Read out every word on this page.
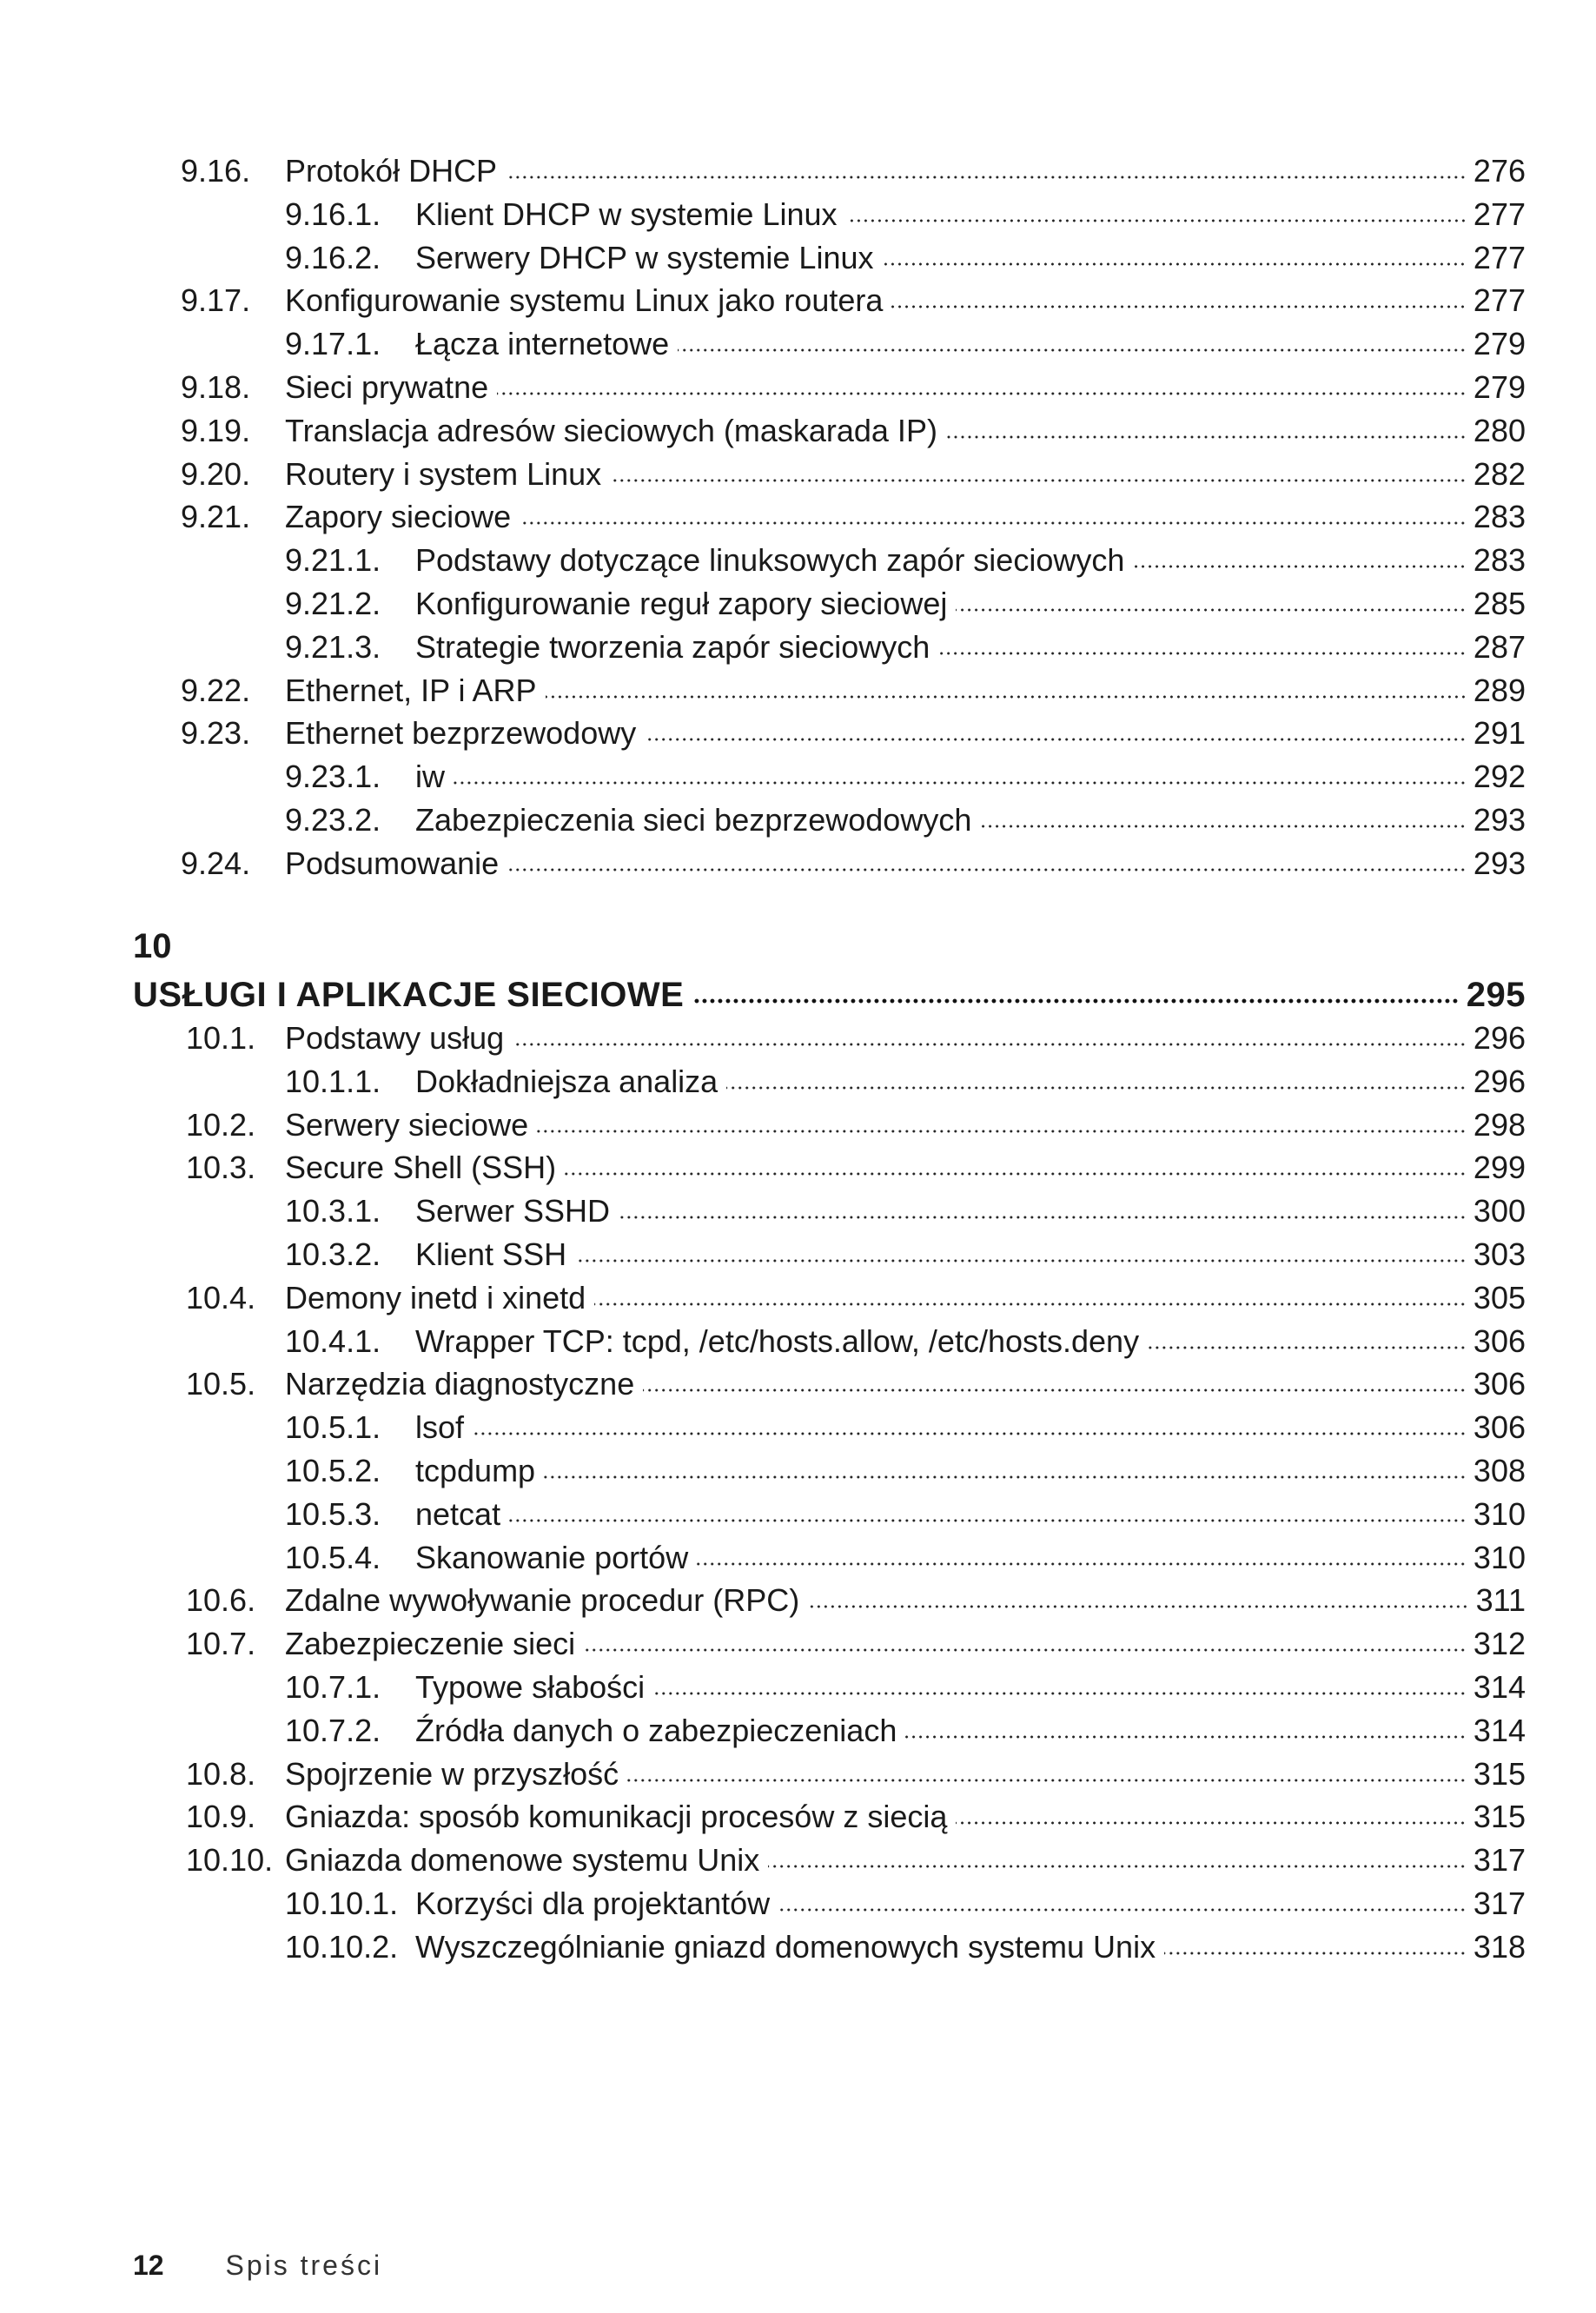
10
USŁUGI I APLIKACJE SIECIOWE	295
9.16.	Protokół DHCP	276
9.16.1.	Klient DHCP w systemie Linux	277
9.16.2.	Serwery DHCP w systemie Linux	277
9.17.	Konfigurowanie systemu Linux jako routera	277
9.17.1.	Łącza internetowe	279
9.18.	Sieci prywatne	279
9.19.	Translacja adresów sieciowych (maskarada IP)	280
9.20.	Routery i system Linux	282
9.21.	Zapory sieciowe	283
9.21.1.	Podstawy dotyczące linuksowych zapór sieciowych	283
9.21.2.	Konfigurowanie reguł zapory sieciowej	285
9.21.3.	Strategie tworzenia zapór sieciowych	287
9.22.	Ethernet, IP i ARP	289
9.23.	Ethernet bezprzewodowy	291
9.23.1.	iw	292
9.23.2.	Zabezpieczenia sieci bezprzewodowych	293
9.24.	Podsumowanie	293
10.1. Podstawy usług	296
10.1.1.	Dokładniejsza analiza	296
10.2. Serwery sieciowe	298
10.3. Secure Shell (SSH)	299
10.3.1.	Serwer SSHD	300
10.3.2.	Klient SSH	303
10.4. Demony inetd i xinetd	305
10.4.1.	Wrapper TCP: tcpd, /etc/hosts.allow, /etc/hosts.deny	306
10.5. Narzędzia diagnostyczne	306
10.5.1.	lsof	306
10.5.2.	tcpdump	308
10.5.3.	netcat	310
10.5.4.	Skanowanie portów	310
10.6. Zdalne wywoływanie procedur (RPC)	311
10.7. Zabezpieczenie sieci	312
10.7.1.	Typowe słabości	314
10.7.2.	Źródła danych o zabezpieczeniach	314
10.8. Spojrzenie w przyszłość	315
10.9. Gniazda: sposób komunikacji procesów z siecią	315
10.10. Gniazda domenowe systemu Unix	317
10.10.1. Korzyści dla projektantów	317
10.10.2. Wyszczególnianie gniazd domenowych systemu Unix	318
12 Spis treści
